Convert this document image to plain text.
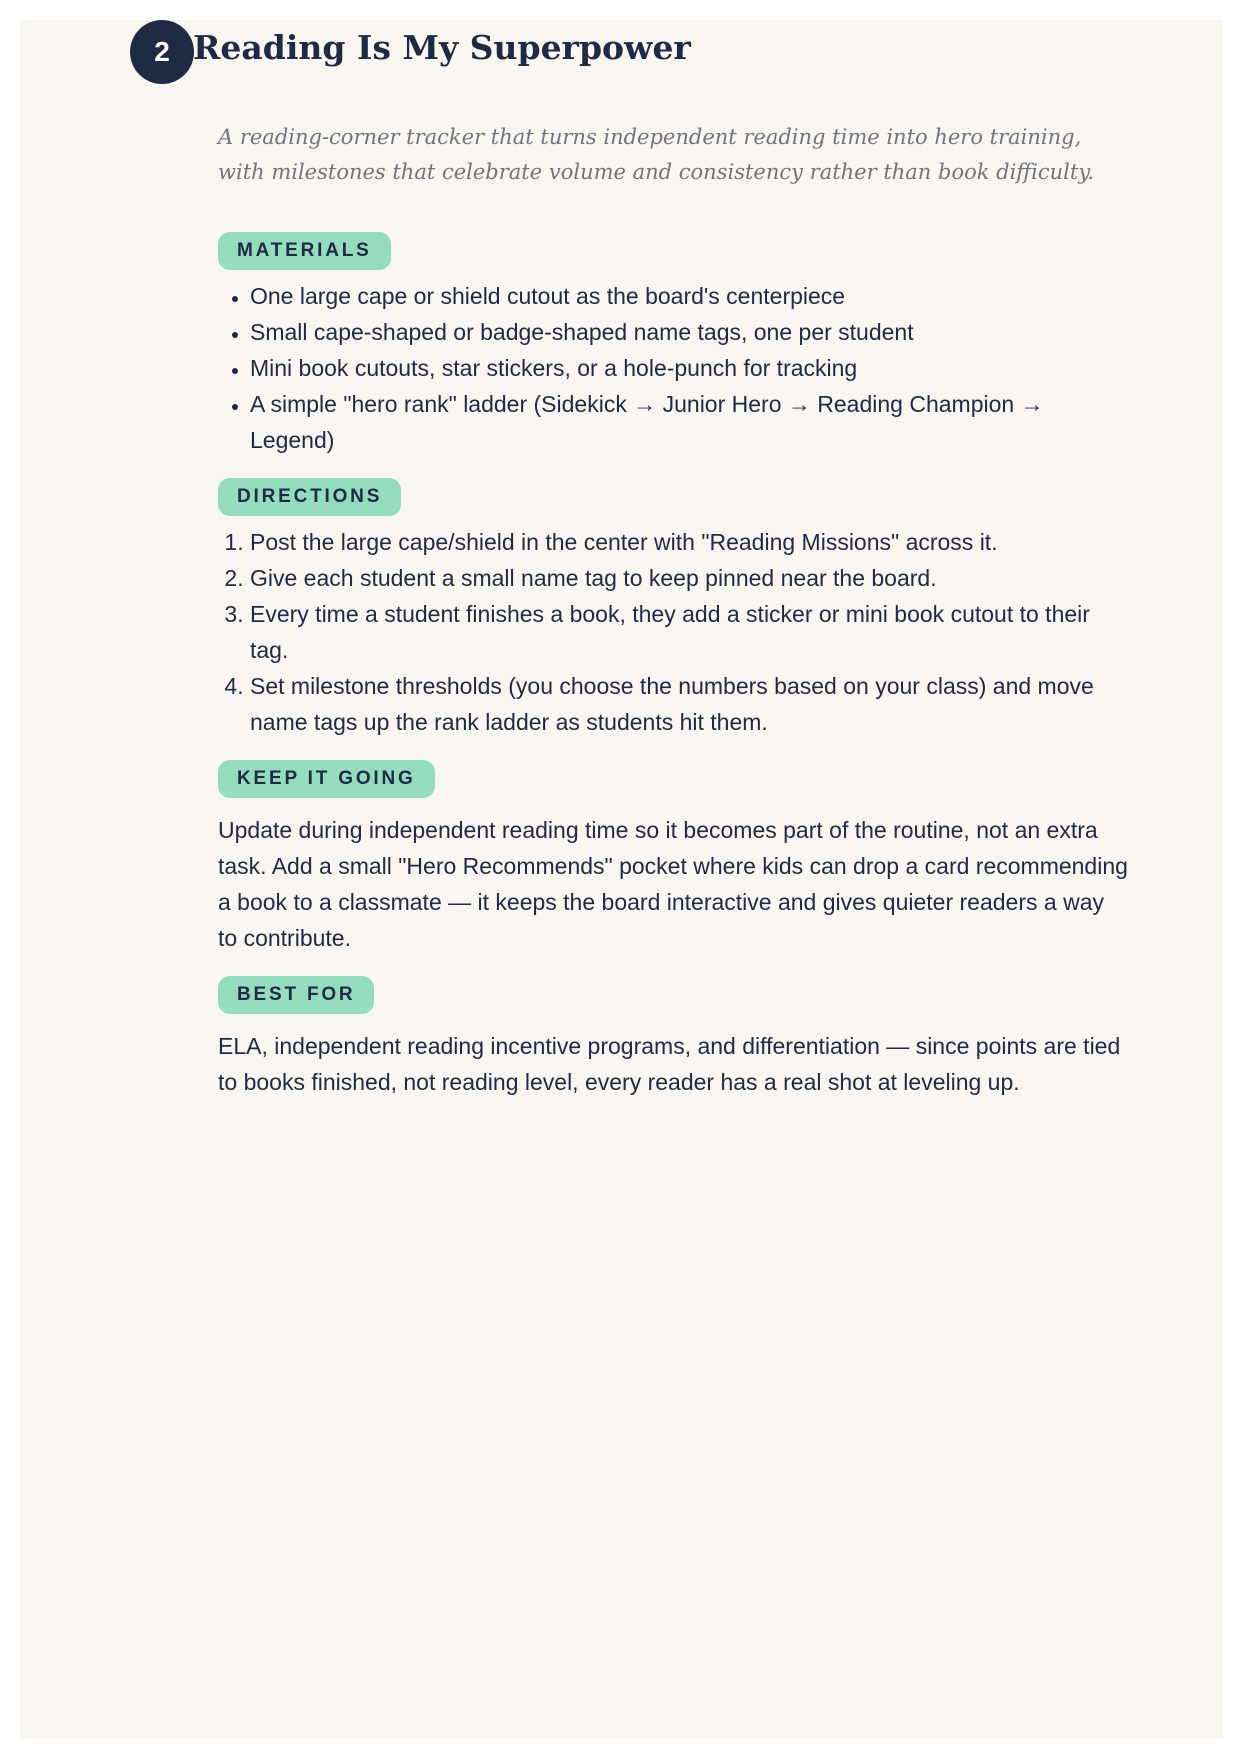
2 Reading Is My Superpower

A reading-corner tracker that turns independent reading time into hero training, with milestones that celebrate volume and consistency rather than book difficulty.

MATERIALS
• One large cape or shield cutout as the board's centerpiece
• Small cape-shaped or badge-shaped name tags, one per student
• Mini book cutouts, star stickers, or a hole-punch for tracking
• A simple "hero rank" ladder (Sidekick → Junior Hero → Reading Champion → Legend)
DIRECTIONS
1. Post the large cape/shield in the center with "Reading Missions" across it.
2. Give each student a small name tag to keep pinned near the board.
3. Every time a student finishes a book, they add a sticker or mini book cutout to their tag.
4. Set milestone thresholds (you choose the numbers based on your class) and move name tags up the rank ladder as students hit them.
KEEP IT GOING

Update during independent reading time so it becomes part of the routine, not an extra task. Add a small "Hero Recommends" pocket where kids can drop a card recommending a book to a classmate — it keeps the board interactive and gives quieter readers a way to contribute.

BEST FOR

ELA, independent reading incentive programs, and differentiation — since points are tied to books finished, not reading level, every reader has a real shot at leveling up.
